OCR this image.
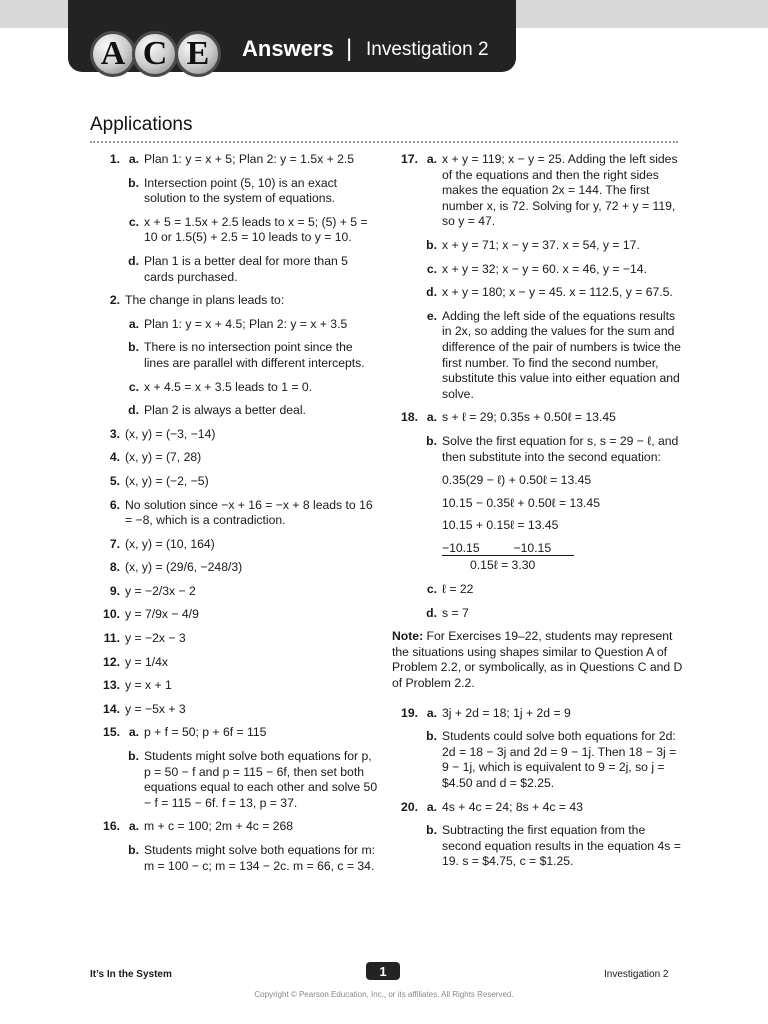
A C E	Answers | Investigation 2
Applications
1. a. Plan 1: y = x + 5; Plan 2: y = 1.5x + 2.5
b. Intersection point (5, 10) is an exact solution to the system of equations.
c. x + 5 = 1.5x + 2.5 leads to x = 5; (5) + 5 = 10 or 1.5(5) + 2.5 = 10 leads to y = 10.
d. Plan 1 is a better deal for more than 5 cards purchased.
2. The change in plans leads to:
a. Plan 1: y = x + 4.5; Plan 2: y = x + 3.5
b. There is no intersection point since the lines are parallel with different intercepts.
c. x + 4.5 = x + 3.5 leads to 1 = 0.
d. Plan 2 is always a better deal.
3. (x, y) = (−3, −14)
4. (x, y) = (7, 28)
5. (x, y) = (−2, −5)
6. No solution since −x + 16 = −x + 8 leads to 16 = −8, which is a contradiction.
7. (x, y) = (10, 164)
8. (x, y) = (29/6, −248/3)
9. y = −2/3x − 2
10. y = 7/9x − 4/9
11. y = −2x − 3
12. y = 1/4x
13. y = x + 1
14. y = −5x + 3
15. a. p + f = 50; p + 6f = 115
b. Students might solve both equations for p, p = 50 − f and p = 115 − 6f, then set both equations equal to each other and solve 50 − f = 115 − 6f. f = 13, p = 37.
16. a. m + c = 100; 2m + 4c = 268
b. Students might solve both equations for m: m = 100 − c; m = 134 − 2c. m = 66, c = 34.
17. a. x + y = 119; x − y = 25. Adding the left sides of the equations and then the right sides makes the equation 2x = 144. The first number x, is 72. Solving for y, 72 + y = 119, so y = 47.
b. x + y = 71; x − y = 37. x = 54, y = 17.
c. x + y = 32; x − y = 60. x = 46, y = −14.
d. x + y = 180; x − y = 45. x = 112.5, y = 67.5.
e. Adding the left side of the equations results in 2x, so adding the values for the sum and difference of the pair of numbers is twice the first number. To find the second number, substitute this value into either equation and solve.
18. a. s + ℓ = 29; 0.35s + 0.50ℓ = 13.45
b. Solve the first equation for s, s = 29 − ℓ, and then substitute into the second equation:
0.35(29 − ℓ) + 0.50ℓ = 13.45
10.15 − 0.35ℓ + 0.50ℓ = 13.45
10.15 + 0.15ℓ = 13.45
−10.15          −10.15
0.15ℓ = 3.30
c. ℓ = 22
d. s = 7
Note: For Exercises 19–22, students may represent the situations using shapes similar to Question A of Problem 2.2, or symbolically, as in Questions C and D of Problem 2.2.
19. a. 3j + 2d = 18; 1j + 2d = 9
b. Students could solve both equations for 2d: 2d = 18 − 3j and 2d = 9 − 1j. Then 18 − 3j = 9 − 1j, which is equivalent to 9 = 2j, so j = $4.50 and d = $2.25.
20. a. 4s + 4c = 24; 8s + 4c = 43
b. Subtracting the first equation from the second equation results in the equation 4s = 19. s = $4.75, c = $1.25.
It’s In the System	1	Investigation 2
Copyright © Pearson Education, Inc., or its affiliates. All Rights Reserved.
